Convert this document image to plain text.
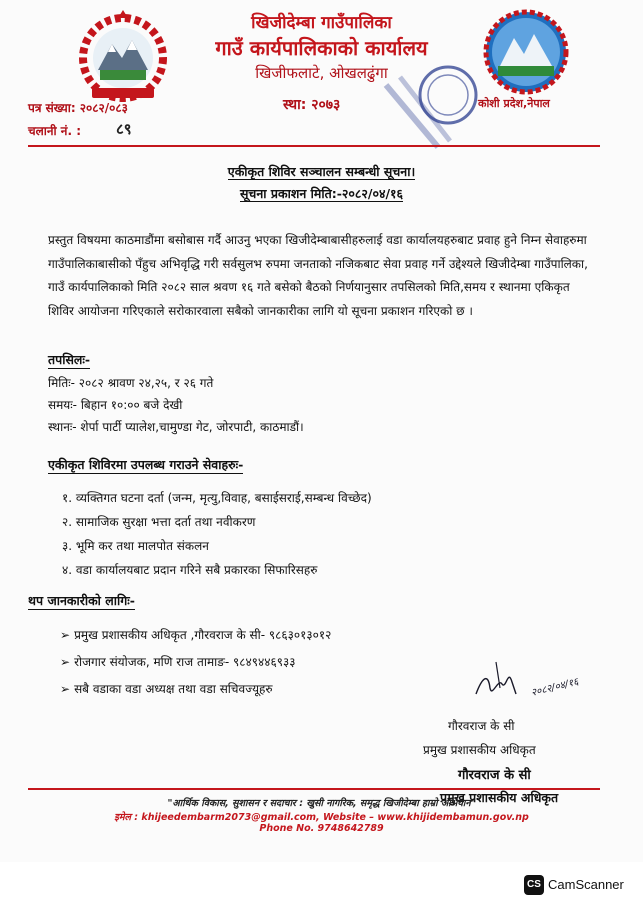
खिजीदेम्बा गाउँपालिका
गाउँ कार्यपालिकाको कार्यालय
खिजीफलाटे, ओखलढुंगा
पत्र संख्या: २०८२/०८३
चलानी नं. : ८९
स्था: २०७३	कोशी प्रदेश,नेपाल
एकीकृत शिविर सञ्चालन सम्बन्धी सूचना।
सूचना प्रकाशन मिति:-२०८२/०४/१६
प्रस्तुत विषयमा काठमाडौंमा बसोबास गर्दै आउनु भएका खिजीदेम्बाबासीहरुलाई वडा कार्यालयहरुबाट प्रवाह हुने निम्न सेवाहरुमा गाउँपालिकाबासीको पँहुच अभिवृद्धि गरी सर्वसुलभ रुपमा जनताको नजिकबाट सेवा प्रवाह गर्ने उद्देश्यले खिजीदेम्बा गाउँपालिका, गाउँ कार्यपालिकाको मिति २०८२ साल श्रवण १६ गते बसेको बैठको निर्णयानुसार तपसिलको मिति,समय र स्थानमा एकिकृत शिविर आयोजना गरिएकाले सरोकारवाला सबैको जानकारीका लागि यो सूचना प्रकाशन गरिएको छ ।
तपसिलः-
मितिः- २०८२ श्रावण २४,२५, र २६ गते
समयः- बिहान १०:०० बजे देखी
स्थानः- शेर्पा पार्टी प्यालेश,चामुण्डा गेट, जोरपाटी, काठमाडौं।
एकीकृत शिविरमा उपलब्ध गराउने सेवाहरुः-
१. व्यक्तिगत घटना दर्ता (जन्म, मृत्यु,विवाह, बसाईसराई,सम्बन्ध विच्छेद)
२. सामाजिक सुरक्षा भत्ता दर्ता तथा नवीकरण
३. भूमि कर तथा मालपोत संकलन
४. वडा कार्यालयबाट प्रदान गरिने सबै प्रकारका सिफारिसहरु
थप जानकारीको लागिः-
➢ प्रमुख प्रशासकीय अधिकृत ,गौरवराज के सी- ९८६३०१३०१२
➢ रोजगार संयोजक, मणि राज तामाङ- ९८४९४४६९३३
➢ सबै वडाका वडा अध्यक्ष तथा वडा सचिवज्यूहरु	२०८२/०४/१६
गौरवराज के सी
प्रमुख प्रशासकीय अधिकृत
गौरवराज के सी
प्रमुख प्रशासकीय अधिकृत
"आर्थिक विकास, सुशासन र सदाचार : खुसी नागरिक, समृद्ध खिजीदेम्बा हाम्रो अभियान"
इमेल : khijeedembarm2073@gmail.com, Website – www.khijidembamun.gov.np
Phone No. 9748642789
CS CamScanner
